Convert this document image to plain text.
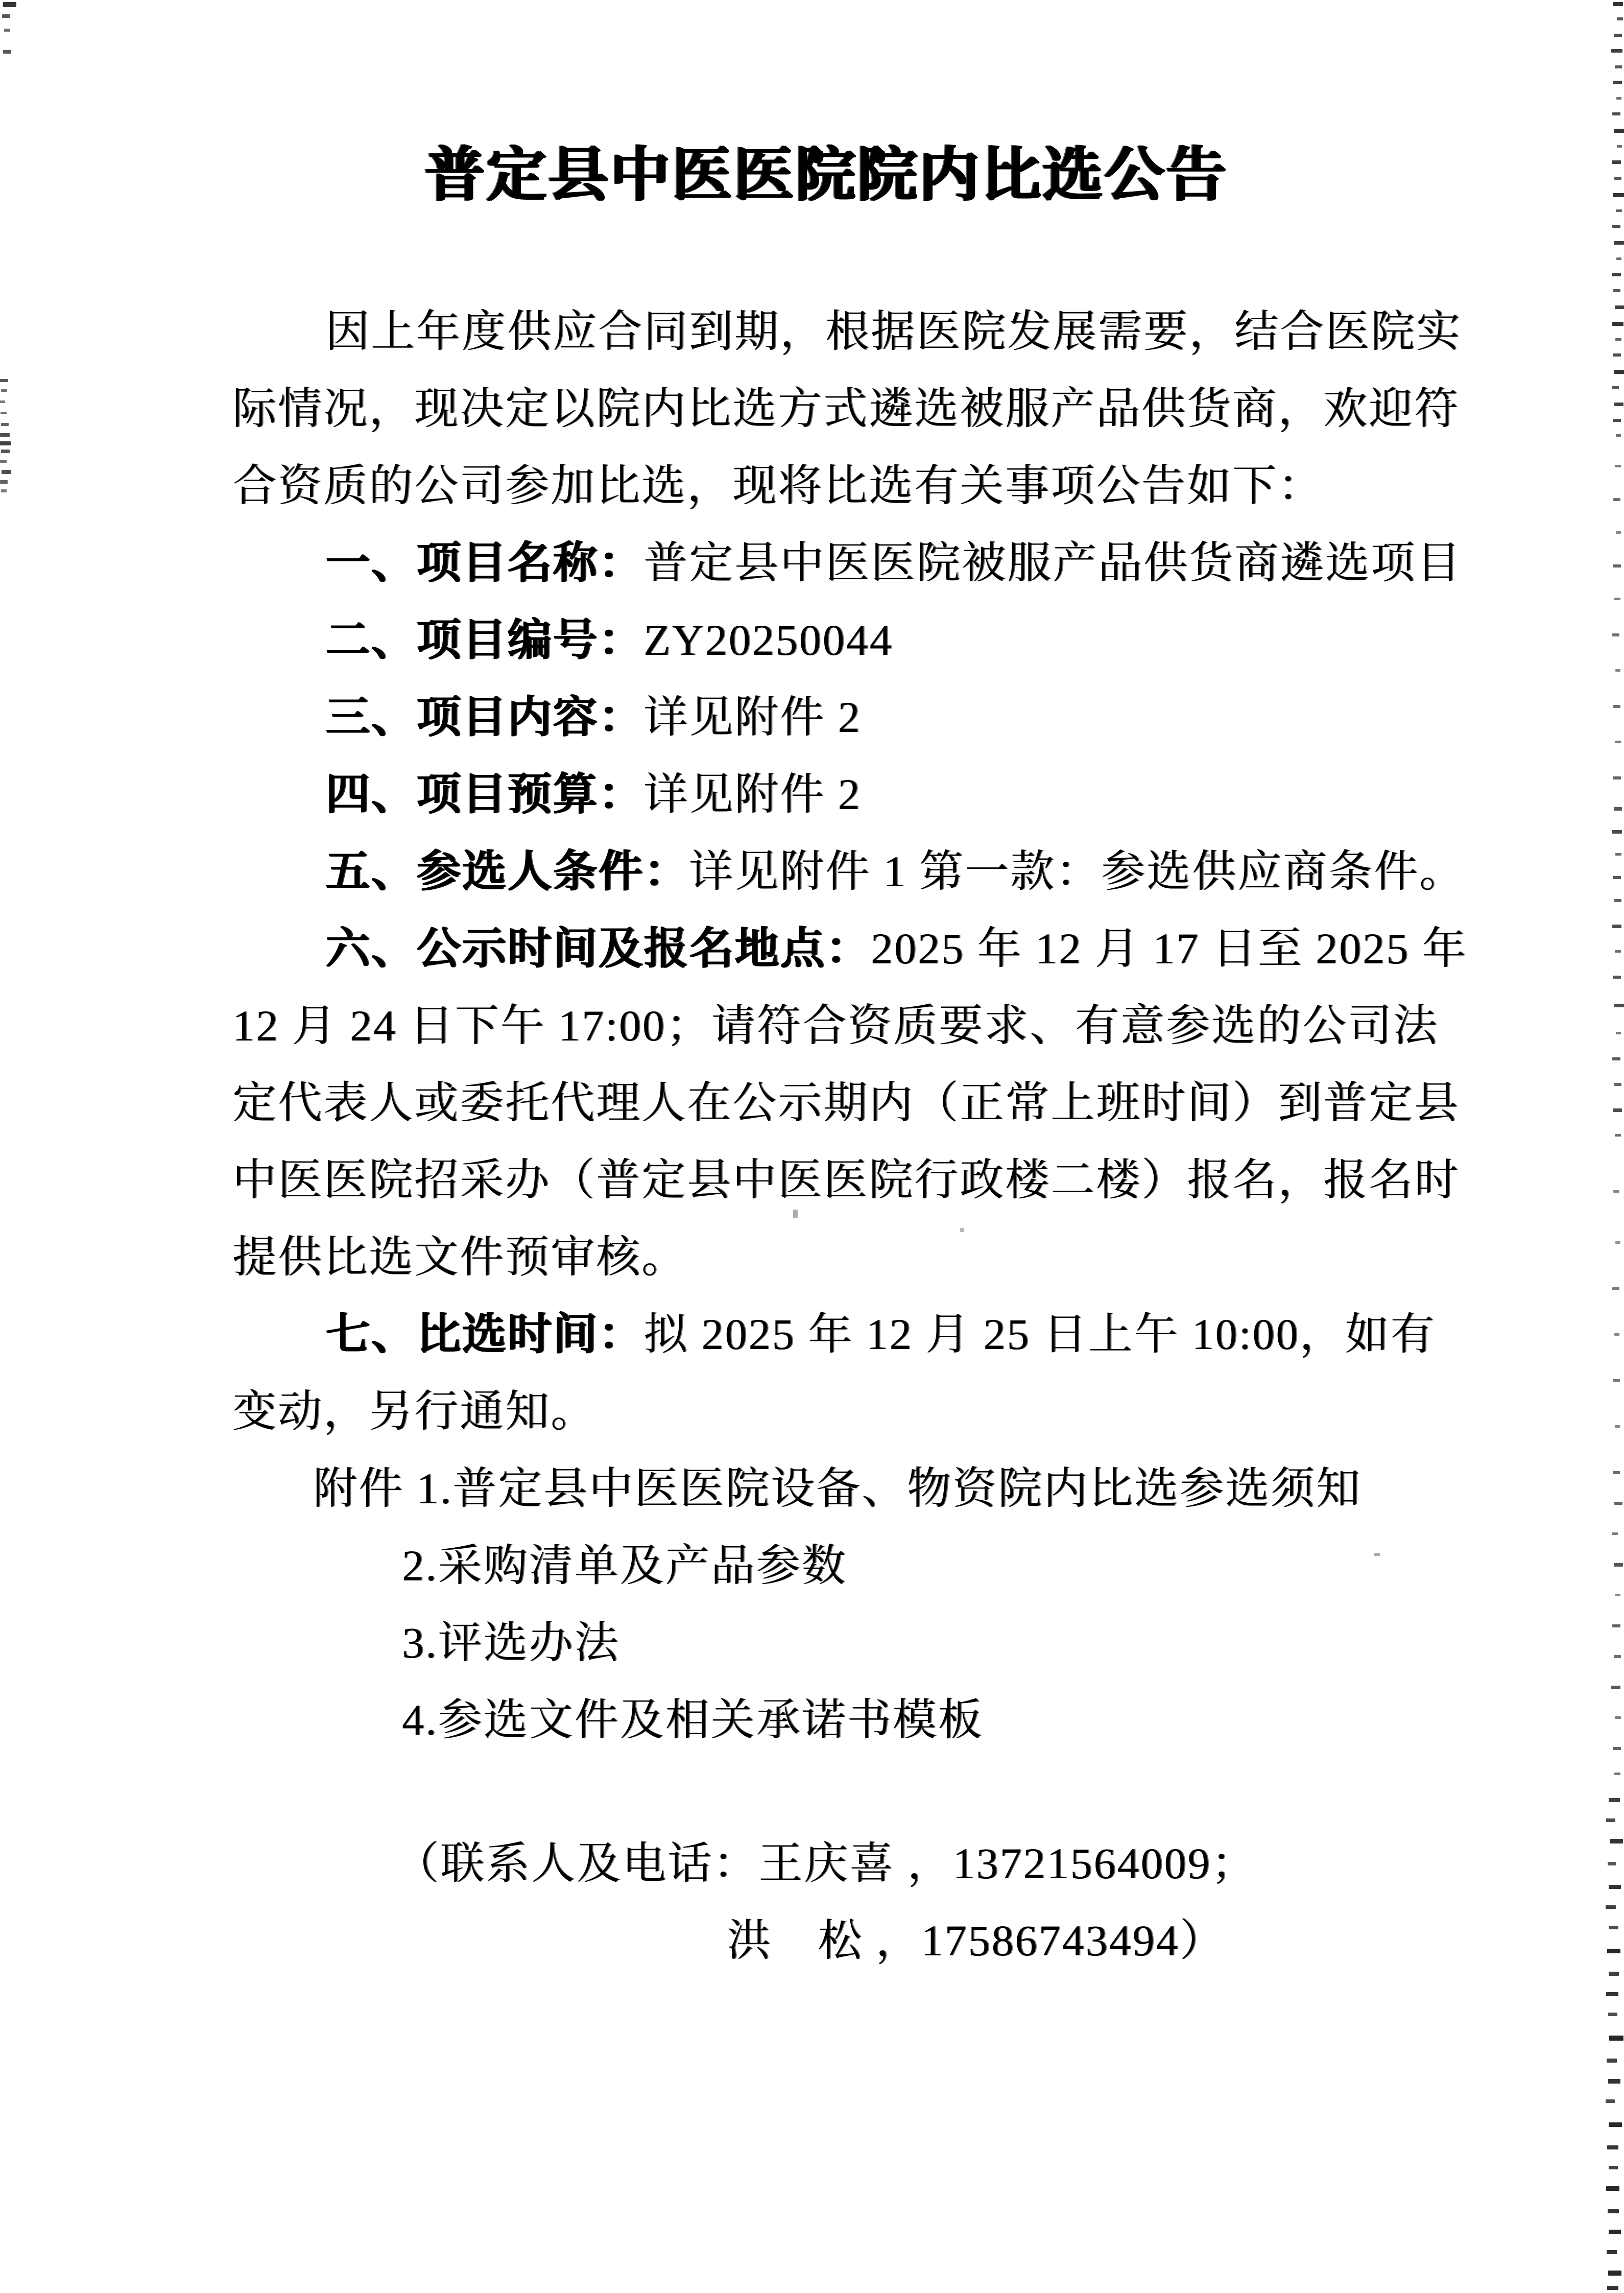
普定县中医医院院内比选公告
因上年度供应合同到期，根据医院发展需要，结合医院实
际情况，现决定以院内比选方式遴选被服产品供货商，欢迎符
合资质的公司参加比选，现将比选有关事项公告如下：
一、项目名称：普定县中医医院被服产品供货商遴选项目
二、项目编号：ZY20250044
三、项目内容：详见附件 2
四、项目预算：详见附件 2
五、参选人条件：详见附件 1 第一款：参选供应商条件。
六、公示时间及报名地点：2025 年 12 月 17 日至 2025 年
12 月 24 日下午 17:00；请符合资质要求、有意参选的公司法
定代表人或委托代理人在公示期内（正常上班时间）到普定县
中医医院招采办（普定县中医医院行政楼二楼）报名，报名时
提供比选文件预审核。
七、比选时间：拟 2025 年 12 月 25 日上午 10:00，如有
变动，另行通知。
附件 1.普定县中医医院设备、物资院内比选参选须知
2.采购清单及产品参数
3.评选办法
4.参选文件及相关承诺书模板
（联系人及电话：王庆喜 ，13721564009；
洪　松 ，17586743494）
